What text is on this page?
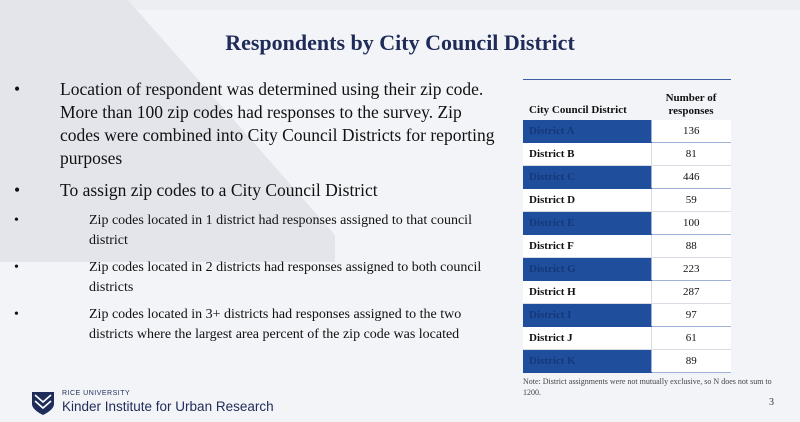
Respondents by City Council District
• Location of respondent was determined using their zip code. More than 100 zip codes had responses to the survey. Zip codes were combined into City Council Districts for reporting purposes
• To assign zip codes to a City Council District
•	Zip codes located in 1 district had responses assigned to that council district
•	Zip codes located in 2 districts had responses assigned to both council districts
•	Zip codes located in 3+ districts had responses assigned to the two districts where the largest area percent of the zip code was located
City Council District	Number of
responses
District A	136
District B	81
District C	446
District D	59
District E	100
District F	88
District G	223
District H	287
District I	97
District J	61
District K	89
Note: District assignments were not mutually exclusive, so N does not sum to 1200.
RICE UNIVERSITY
Kinder Institute for Urban Research	3
